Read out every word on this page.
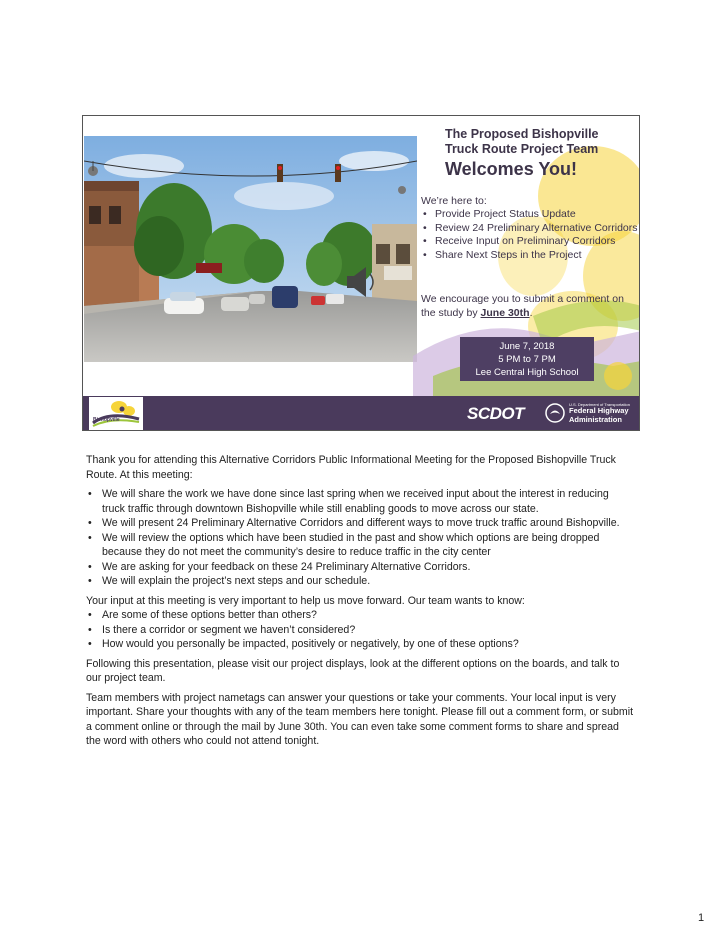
The Proposed Bishopville
Truck Route Project Team
Welcomes You!
We’re here to:
• Provide Project Status Update
• Review 24 Preliminary Alternative Corridors
• Receive Input on Preliminary Corridors
• Share Next Steps in the Project
We encourage you to submit a comment on the study by June 30th.
June 7, 2018
5 PM to 7 PM
Lee Central High School
Bishopville	SCDOT	U.S. Department of Transportation
Federal Highway
Administration

Thank you for attending this Alternative Corridors Public Informational Meeting for the Proposed Bishopville Truck Route. At this meeting:

• We will share the work we have done since last spring when we received input about the interest in reducing truck traffic through downtown Bishopville while still enabling goods to move across our state.
• We will present 24 Preliminary Alternative Corridors and different ways to move truck traffic around Bishopville.
• We will review the options which have been studied in the past and show which options are being dropped because they do not meet the community’s desire to reduce traffic in the city center
• We are asking for your feedback on these 24 Preliminary Alternative Corridors.
• We will explain the project’s next steps and our schedule.

Your input at this meeting is very important to help us move forward. Our team wants to know:

• Are some of these options better than others?
• Is there a corridor or segment we haven’t considered?
• How would you personally be impacted, positively or negatively, by one of these options?

Following this presentation, please visit our project displays, look at the different options on the boards, and talk to our project team.

Team members with project nametags can answer your questions or take your comments. Your local input is very important. Share your thoughts with any of the team members here tonight. Please fill out a comment form, or submit a comment online or through the mail by June 30th. You can even take some comment forms to share and spread the word with others who could not attend tonight.

1
